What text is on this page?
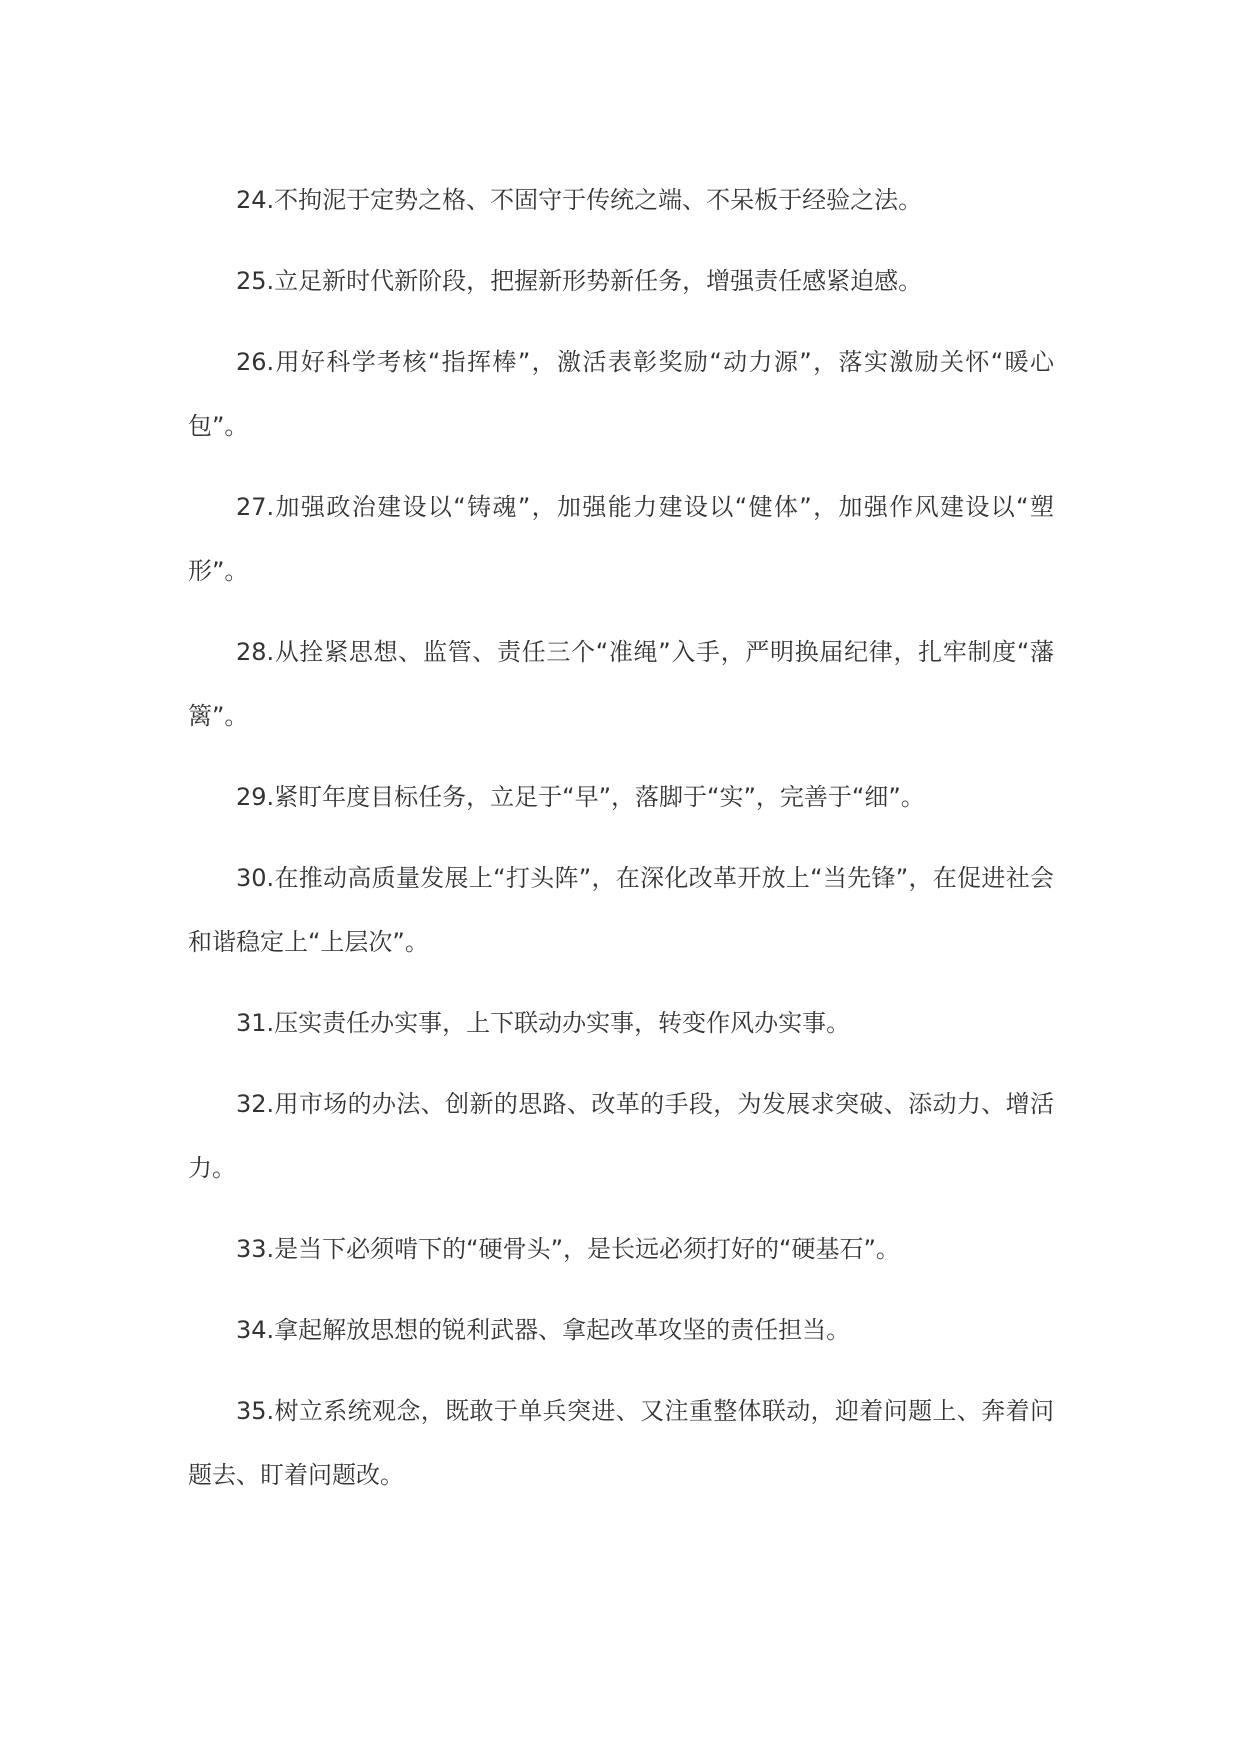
24.不拘泥于定势之格、不固守于传统之端、不呆板于经验之法。

25.立足新时代新阶段，把握新形势新任务，增强责任感紧迫感。

26.用好科学考核“指挥棒”，激活表彰奖励“动力源”，落实激励关怀“暖心包”。

27.加强政治建设以“铸魂”，加强能力建设以“健体”，加强作风建设以“塑形”。

28.从拴紧思想、监管、责任三个“准绳”入手，严明换届纪律，扎牢制度“藩篱”。

29.紧盯年度目标任务，立足于“早”，落脚于“实”，完善于“细”。

30.在推动高质量发展上“打头阵”，在深化改革开放上“当先锋”，在促进社会和谐稳定上“上层次”。

31.压实责任办实事，上下联动办实事，转变作风办实事。

32.用市场的办法、创新的思路、改革的手段，为发展求突破、添动力、增活力。

33.是当下必须啃下的“硬骨头”，是长远必须打好的“硬基石”。

34.拿起解放思想的锐利武器、拿起改革攻坚的责任担当。

35.树立系统观念，既敢于单兵突进、又注重整体联动，迎着问题上、奔着问题去、盯着问题改。
